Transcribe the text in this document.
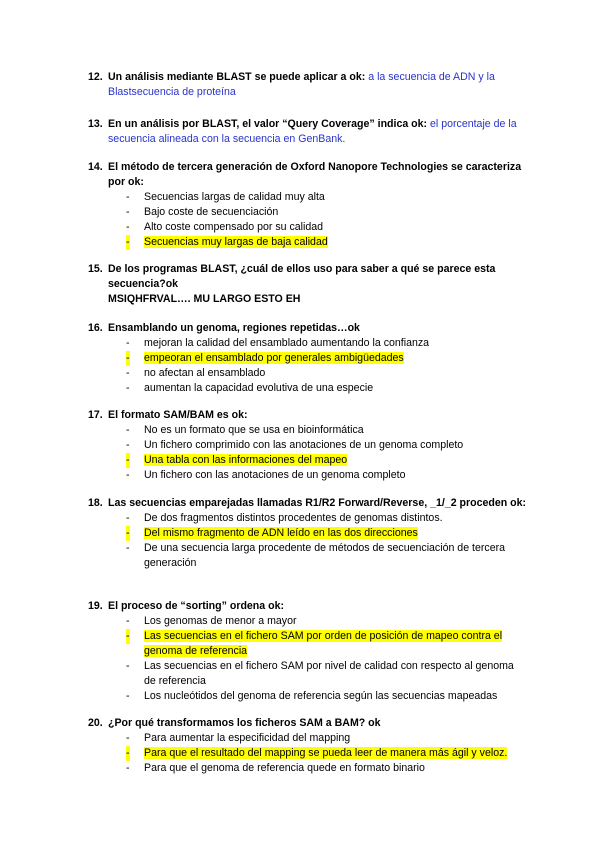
12. Un análisis mediante BLAST se puede aplicar a ok: a la secuencia de ADN y la Blastsecuencia de proteína
13. En un análisis por BLAST, el valor “Query Coverage” indica ok: el porcentaje de la secuencia alineada con la secuencia en GenBank.
14. El método de tercera generación de Oxford Nanopore Technologies se caracteriza por ok:
- Secuencias largas de calidad muy alta
- Bajo coste de secuenciación
- Alto coste compensado por su calidad
- Secuencias muy largas de baja calidad
15. De los programas BLAST, ¿cuál de ellos uso para saber a qué se parece esta secuencia?ok
MSIQHFRVAL…. MU LARGO ESTO EH
16. Ensamblando un genoma, regiones repetidas…ok
- mejoran la calidad del ensamblado aumentando la confianza
- empeoran el ensamblado por generales ambigüedades
- no afectan al ensamblado
- aumentan la capacidad evolutiva de una especie
17. El formato SAM/BAM es ok:
- No es un formato que se usa en bioinformática
- Un fichero comprimido con las anotaciones de un genoma completo
- Una tabla con las informaciones del mapeo
- Un fichero con las anotaciones de un genoma completo
18. Las secuencias emparejadas llamadas R1/R2 Forward/Reverse, _1/_2 proceden ok:
- De dos fragmentos distintos procedentes de genomas distintos.
- Del mismo fragmento de ADN leído en las dos direcciones
- De una secuencia larga procedente de métodos de secuenciación de tercera generación
19. El proceso de “sorting” ordena ok:
- Los genomas de menor a mayor
- Las secuencias en el fichero SAM por orden de posición de mapeo contra el genoma de referencia
- Las secuencias en el fichero SAM por nivel de calidad con respecto al genoma de referencia
- Los nucleótidos del genoma de referencia según las secuencias mapeadas
20. ¿Por qué transformamos los ficheros SAM a BAM? ok
- Para aumentar la especificidad del mapping
- Para que el resultado del mapping se pueda leer de manera más ágil y veloz.
- Para que el genoma de referencia quede en formato binario
